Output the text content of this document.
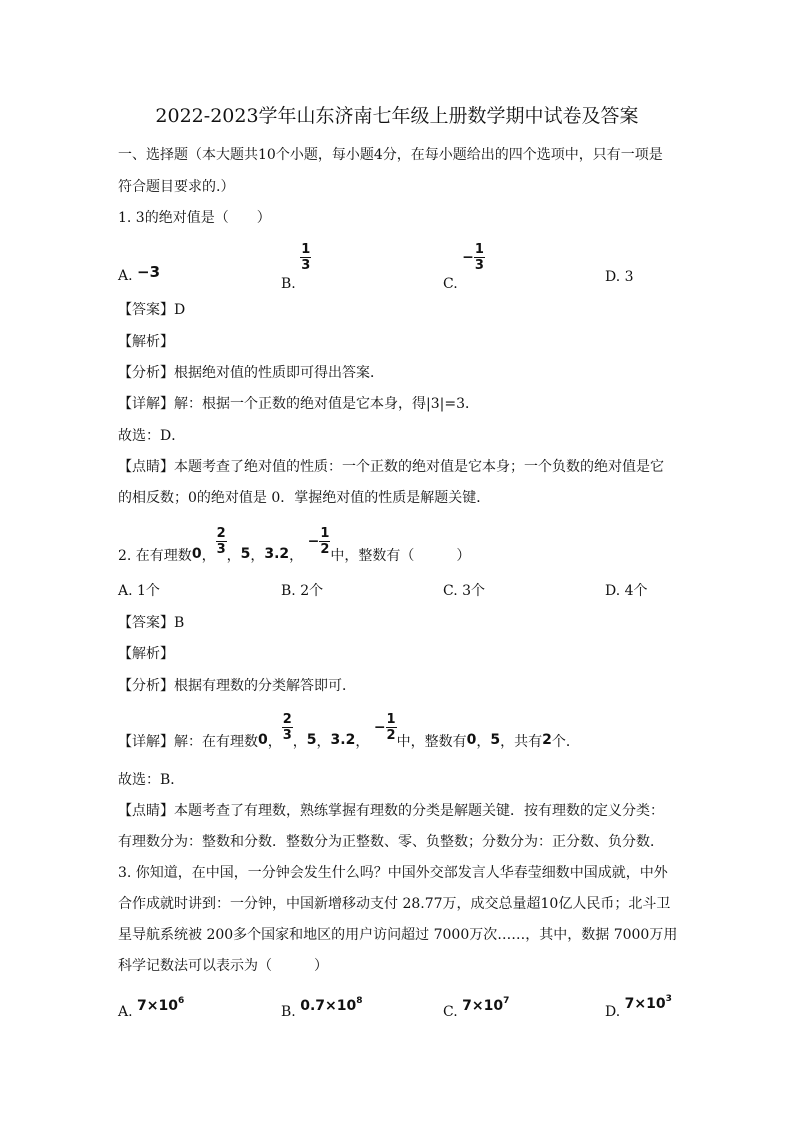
2022-2023学年山东济南七年级上册数学期中试卷及答案
一、选择题（本大题共10个小题，每小题4分，在每小题给出的四个选项中，只有一项是
符合题目要求的.）
1. 3的绝对值是（　　）
A. −3
B.
$\frac{1}{3}$
C. − $\frac{1}{3}$
D. 3
【答案】D
【解析】
【分析】根据绝对值的性质即可得出答案．
【详解】解：根据一个正数的绝对值是它本身，得|3|=3．
故选：D．
【点睛】本题考查了绝对值的性质：一个正数的绝对值是它本身；一个负数的绝对值是它
的相反数；0的绝对值是 0．掌握绝对值的性质是解题关键．
2. 在有理数0， $\frac{2}{3}$ ，5，3.2， − $\frac{1}{2}$ 中，整数有（　　　）
A. 1个	B. 2个	C. 3个	D. 4个
【答案】B
【解析】
【分析】根据有理数的分类解答即可．
【详解】解：在有理数0， $\frac{2}{3}$ ，5，3.2， − $\frac{1}{2}$ 中，整数有0，5，共有2个．
故选：B．
【点睛】本题考查了有理数，熟练掌握有理数的分类是解题关键．按有理数的定义分类：
有理数分为：整数和分数．整数分为正整数、零、负整数；分数分为：正分数、负分数．
3. 你知道，在中国，一分钟会发生什么吗？中国外交部发言人华春莹细数中国成就，中外
合作成就时讲到：一分钟，中国新增移动支付 28.77万，成交总量超10亿人民币；北斗卫
星导航系统被 200多个国家和地区的用户访问超过 7000万次……，其中，数据 7000万用
科学记数法可以表示为（　　　）
A. $7\times 10^6$
B. $0.7\times 10^8$
C. $7\times 10^7$
D. $7\times 10^3$
